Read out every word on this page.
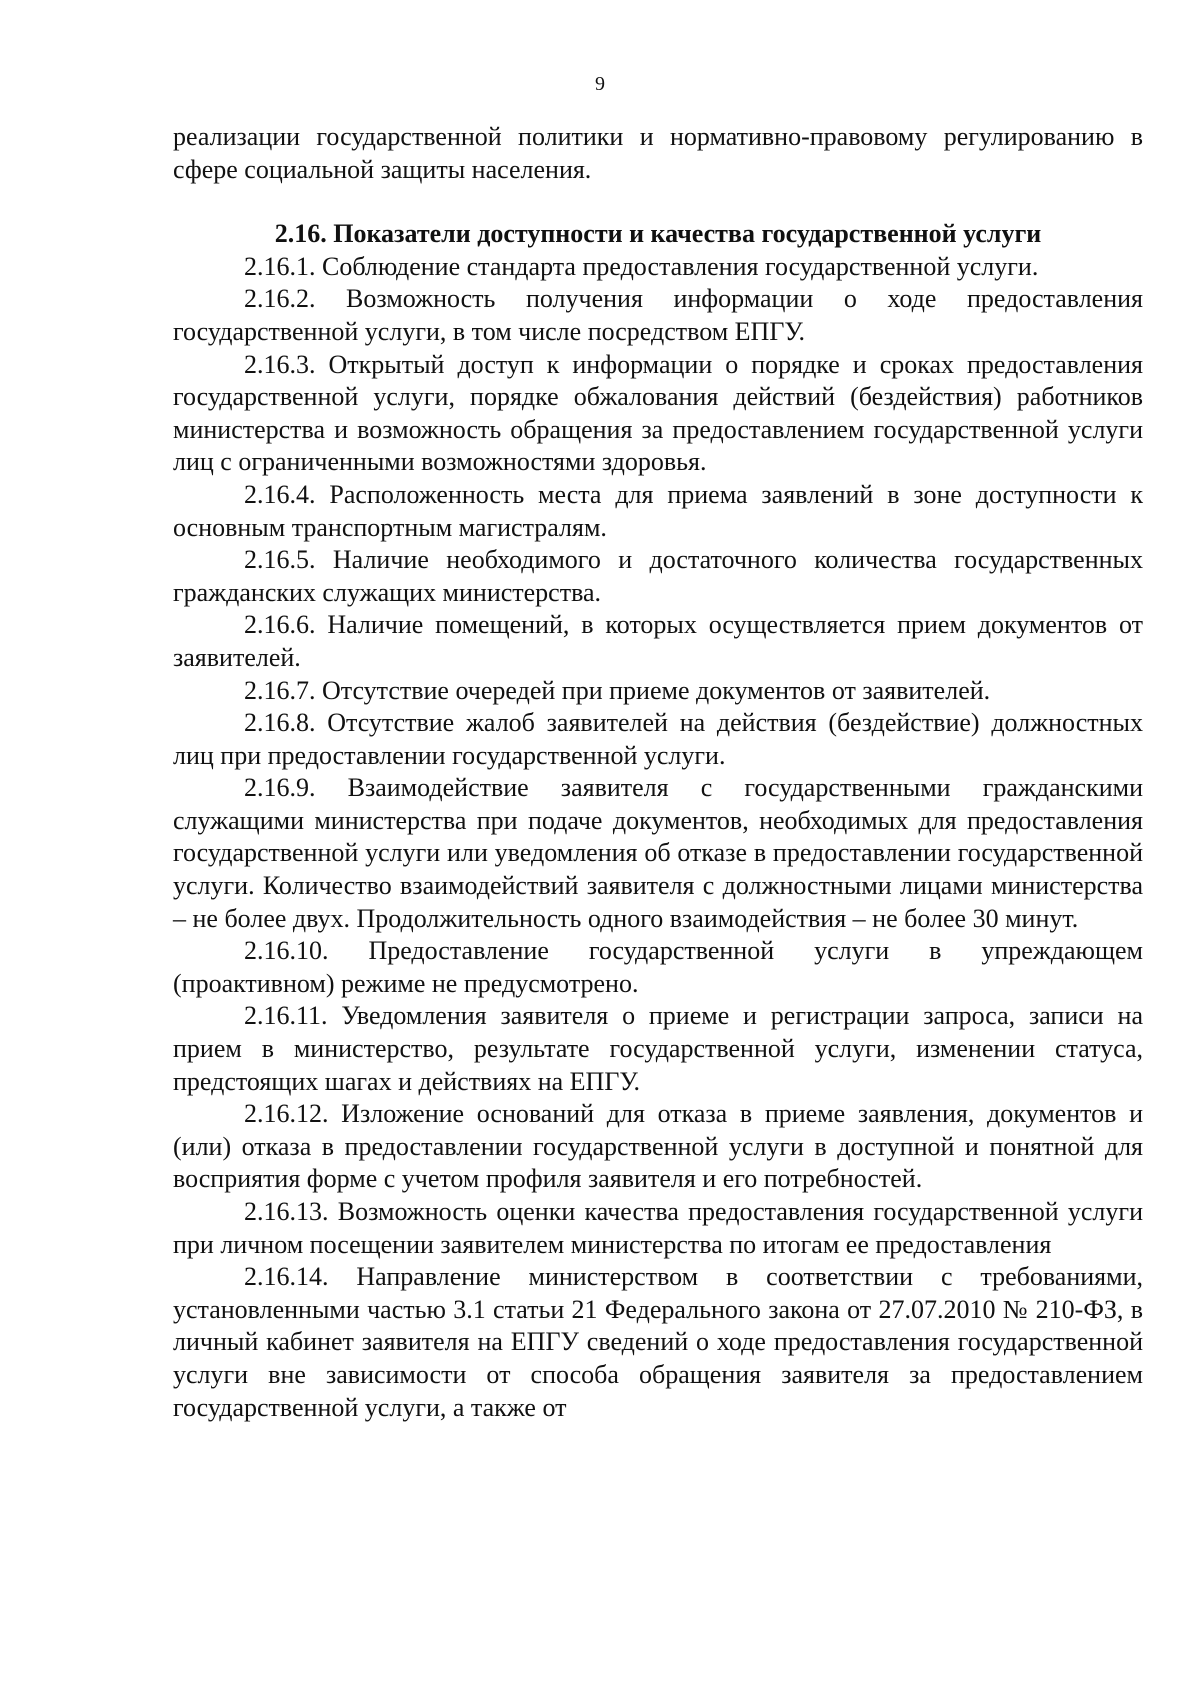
9

реализации государственной политики и нормативно-правовому регулированию в сфере социальной защиты населения.

2.16. Показатели доступности и качества государственной услуги

2.16.1. Соблюдение стандарта предоставления государственной услуги.

2.16.2. Возможность получения информации о ходе предоставления государственной услуги, в том числе посредством ЕПГУ.

2.16.3. Открытый доступ к информации о порядке и сроках предоставления государственной услуги, порядке обжалования действий (бездействия) работников министерства и возможность обращения за предоставлением государственной услуги лиц с ограниченными возможностями здоровья.

2.16.4. Расположенность места для приема заявлений в зоне доступности к основным транспортным магистралям.

2.16.5. Наличие необходимого и достаточного количества государственных гражданских служащих министерства.

2.16.6. Наличие помещений, в которых осуществляется прием документов от заявителей.

2.16.7. Отсутствие очередей при приеме документов от заявителей.

2.16.8. Отсутствие жалоб заявителей на действия (бездействие) должностных лиц при предоставлении государственной услуги.

2.16.9. Взаимодействие заявителя с государственными гражданскими служащими министерства при подаче документов, необходимых для предоставления государственной услуги или уведомления об отказе в предоставлении государственной услуги. Количество взаимодействий заявителя с должностными лицами министерства – не более двух. Продолжительность одного взаимодействия – не более 30 минут.

2.16.10. Предоставление государственной услуги в упреждающем (проактивном) режиме не предусмотрено.

2.16.11. Уведомления заявителя о приеме и регистрации запроса, записи на прием в министерство, результате государственной услуги, изменении статуса, предстоящих шагах и действиях на ЕПГУ.

2.16.12. Изложение оснований для отказа в приеме заявления, документов и (или) отказа в предоставлении государственной услуги в доступной и понятной для восприятия форме с учетом профиля заявителя и его потребностей.

2.16.13. Возможность оценки качества предоставления государственной услуги при личном посещении заявителем министерства по итогам ее предоставления

2.16.14. Направление министерством в соответствии с требованиями, установленными частью 3.1 статьи 21 Федерального закона от 27.07.2010 № 210-ФЗ, в личный кабинет заявителя на ЕПГУ сведений о ходе предоставления государственной услуги вне зависимости от способа обращения заявителя за предоставлением государственной услуги, а также от
